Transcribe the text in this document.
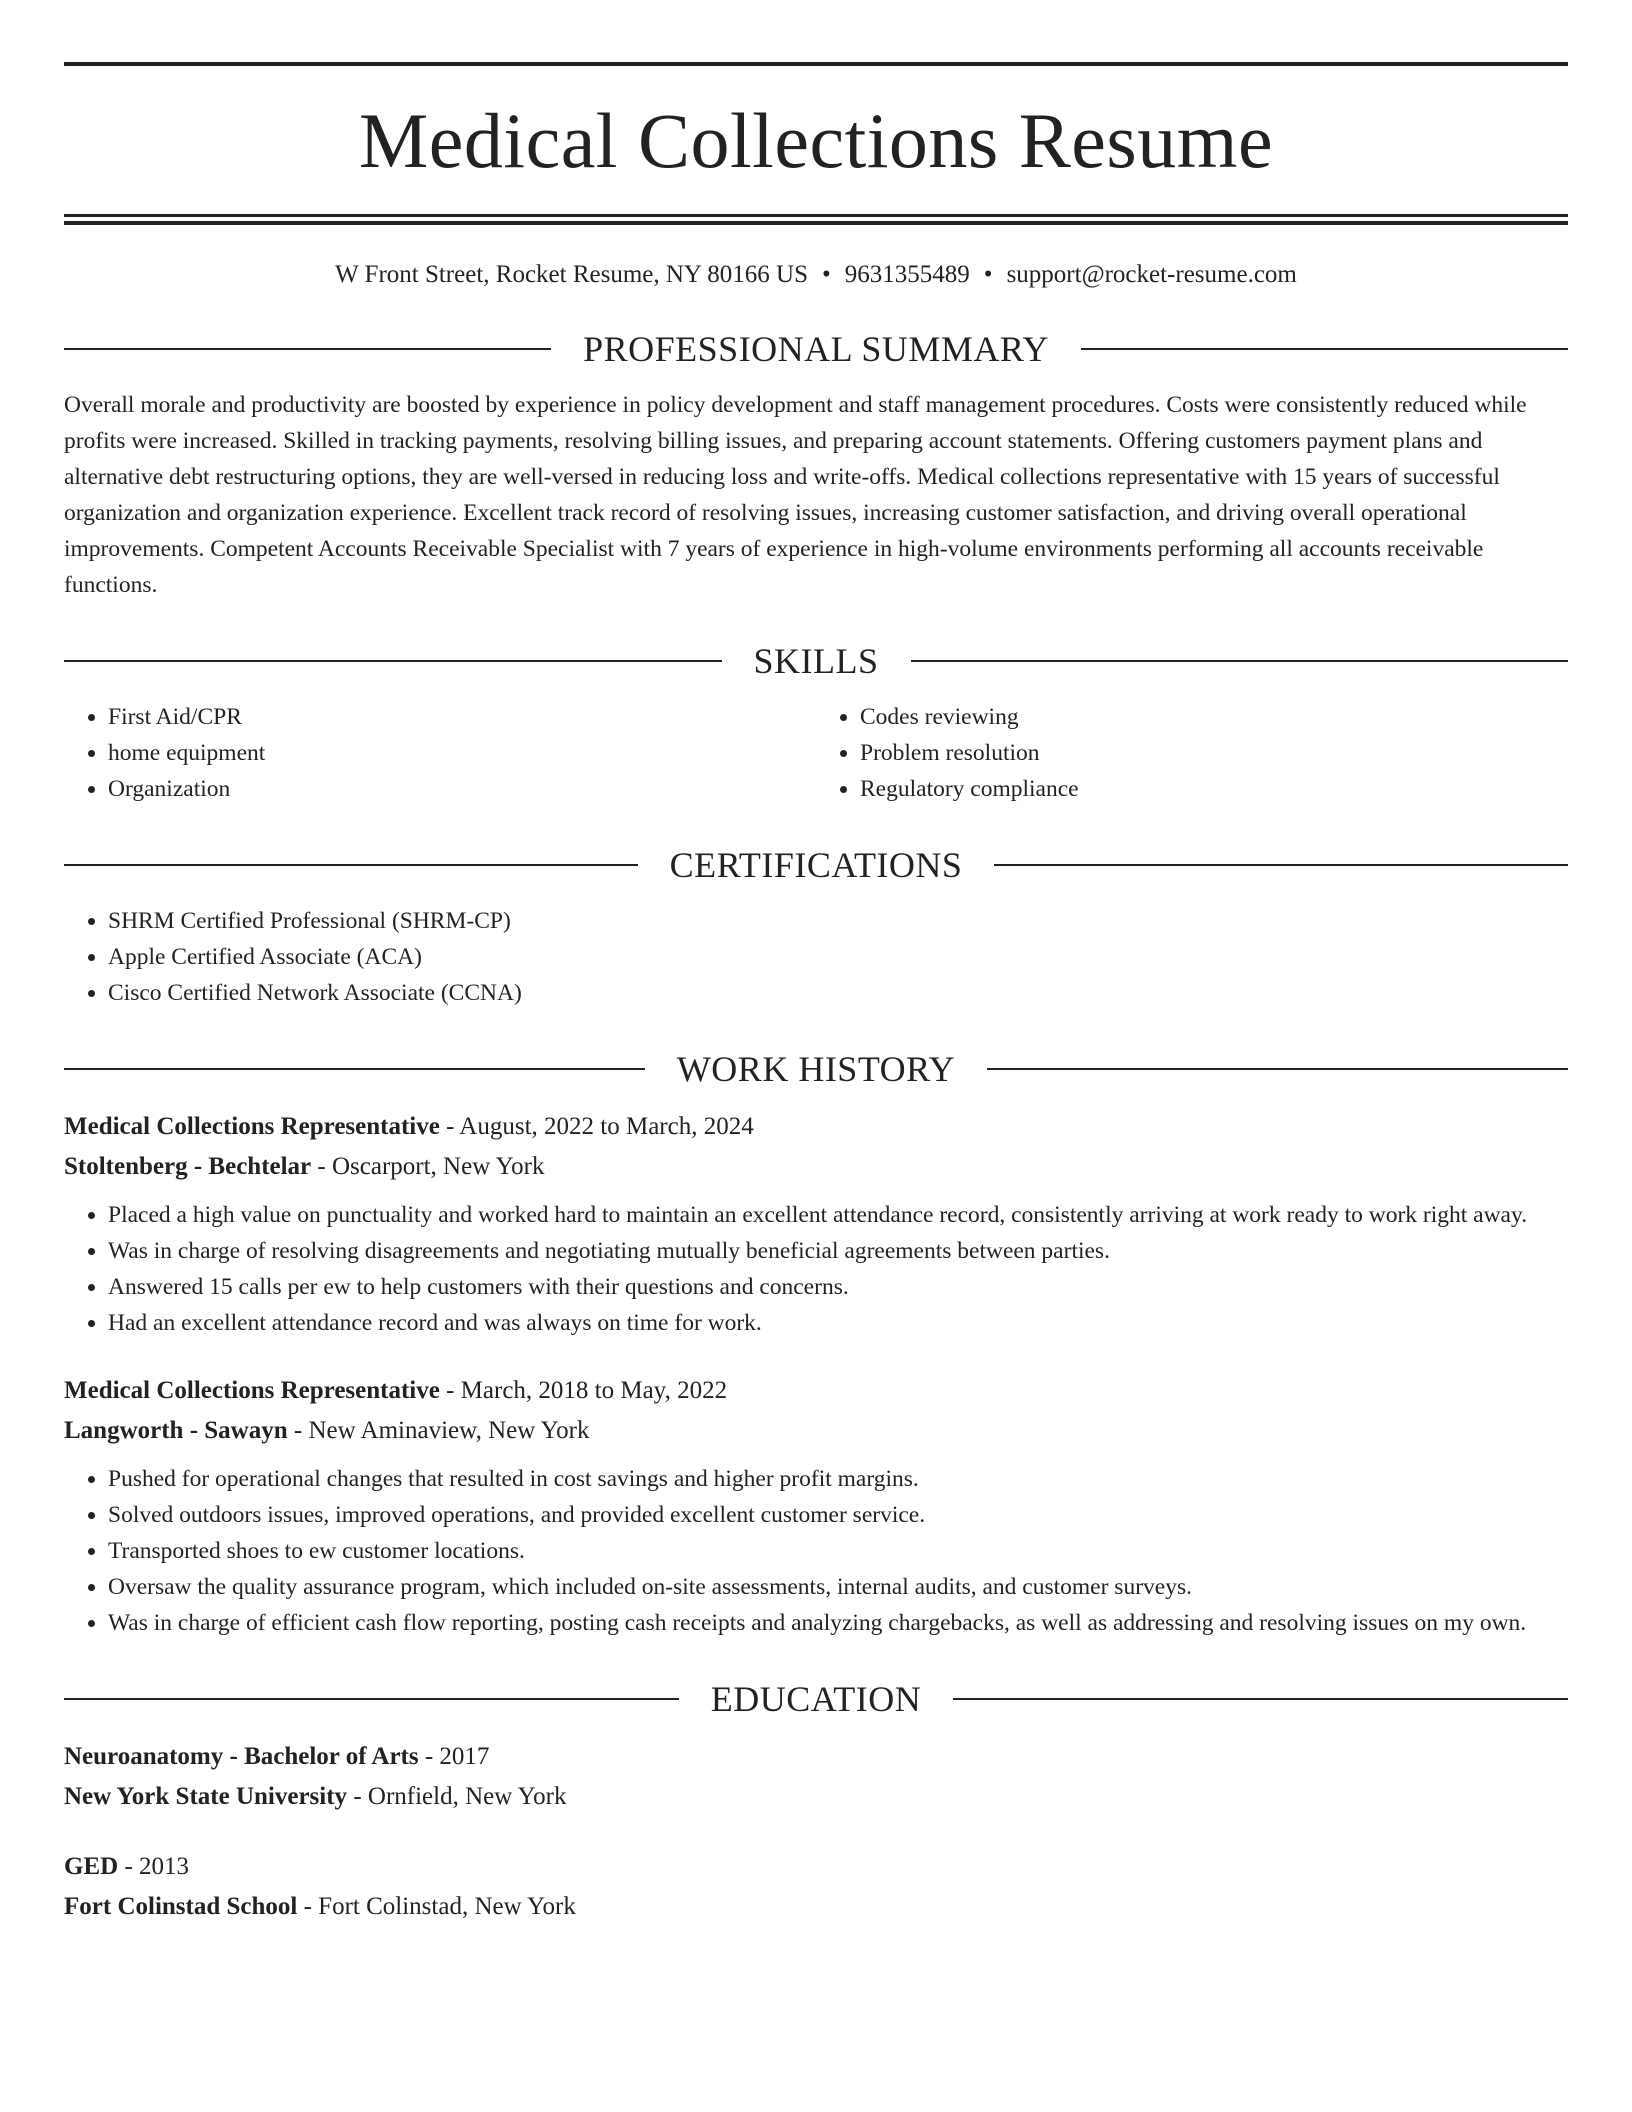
Medical Collections Resume
W Front Street, Rocket Resume, NY 80166 US • 9631355489 • support@rocket-resume.com
PROFESSIONAL SUMMARY

Overall morale and productivity are boosted by experience in policy development and staff management procedures. Costs were consistently reduced while profits were increased. Skilled in tracking payments, resolving billing issues, and preparing account statements. Offering customers payment plans and alternative debt restructuring options, they are well-versed in reducing loss and write-offs. Medical collections representative with 15 years of successful organization and organization experience. Excellent track record of resolving issues, increasing customer satisfaction, and driving overall operational improvements. Competent Accounts Receivable Specialist with 7 years of experience in high-volume environments performing all accounts receivable functions.

SKILLS
• First Aid/CPR
• home equipment
• Organization
• Codes reviewing
• Problem resolution
• Regulatory compliance
CERTIFICATIONS
• SHRM Certified Professional (SHRM-CP)
• Apple Certified Associate (ACA)
• Cisco Certified Network Associate (CCNA)
WORK HISTORY
Medical Collections Representative - August, 2022 to March, 2024
Stoltenberg - Bechtelar - Oscarport, New York
• Placed a high value on punctuality and worked hard to maintain an excellent attendance record, consistently arriving at work ready to work right away.
• Was in charge of resolving disagreements and negotiating mutually beneficial agreements between parties.
• Answered 15 calls per ew to help customers with their questions and concerns.
• Had an excellent attendance record and was always on time for work.
Medical Collections Representative - March, 2018 to May, 2022
Langworth - Sawayn - New Aminaview, New York
• Pushed for operational changes that resulted in cost savings and higher profit margins.
• Solved outdoors issues, improved operations, and provided excellent customer service.
• Transported shoes to ew customer locations.
• Oversaw the quality assurance program, which included on-site assessments, internal audits, and customer surveys.
• Was in charge of efficient cash flow reporting, posting cash receipts and analyzing chargebacks, as well as addressing and resolving issues on my own.
EDUCATION
Neuroanatomy - Bachelor of Arts - 2017
New York State University - Ornfield, New York
GED - 2013
Fort Colinstad School - Fort Colinstad, New York
